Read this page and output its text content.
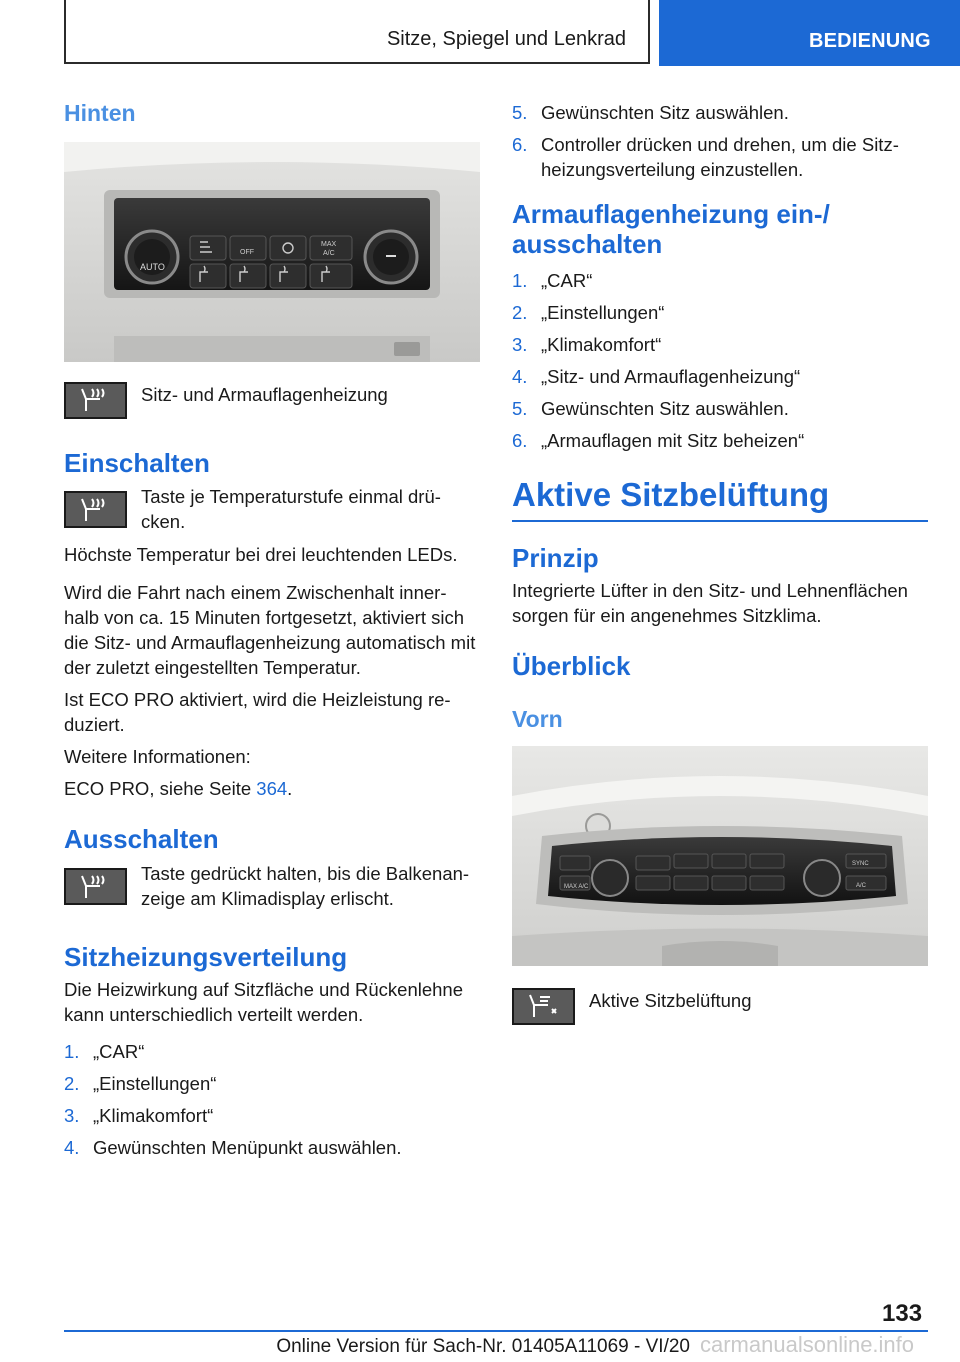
Sitze, Spiegel und Lenkrad	BEDIENUNG
Hinten
AUTO
OFF
MAX
A/C
Sitz- und Armauflagenheizung
Einschalten
Taste je Temperaturstufe einmal drü-cken.

Höchste Temperatur bei drei leuchtenden LEDs.

Wird die Fahrt nach einem Zwischenhalt inner-halb von ca. 15 Minuten fortgesetzt, aktiviert sich die Sitz- und Armauflagenheizung automatisch mit der zuletzt eingestellten Temperatur.

Ist ECO PRO aktiviert, wird die Heizleistung re-duziert.

Weitere Informationen:

ECO PRO, siehe Seite 364.

Ausschalten
Taste gedrückt halten, bis die Balkenan-zeige am Klimadisplay erlischt.
Sitzheizungsverteilung

Die Heizwirkung auf Sitzfläche und Rückenlehne kann unterschiedlich verteilt werden.

1. „CAR“
2. „Einstellungen“
3. „Klimakomfort“
4. Gewünschten Menüpunkt auswählen.
5. Gewünschten Sitz auswählen.
6. Controller drücken und drehen, um die Sitz-heizungsverteilung einzustellen.
Armauflagenheizung ein-/ ausschalten
1. „CAR“
2. „Einstellungen“
3. „Klimakomfort“
4. „Sitz- und Armauflagenheizung“
5. Gewünschten Sitz auswählen.
6. „Armauflagen mit Sitz beheizen“
Aktive Sitzbelüftung
Prinzip

Integrierte Lüfter in den Sitz- und Lehnenflächen sorgen für ein angenehmes Sitzklima.

Überblick
Vorn
MAX A/C
SYNC
A/C
Aktive Sitzbelüftung
133
Online Version für Sach-Nr. 01405A11069 - VI/20 carmanualsonline.info
